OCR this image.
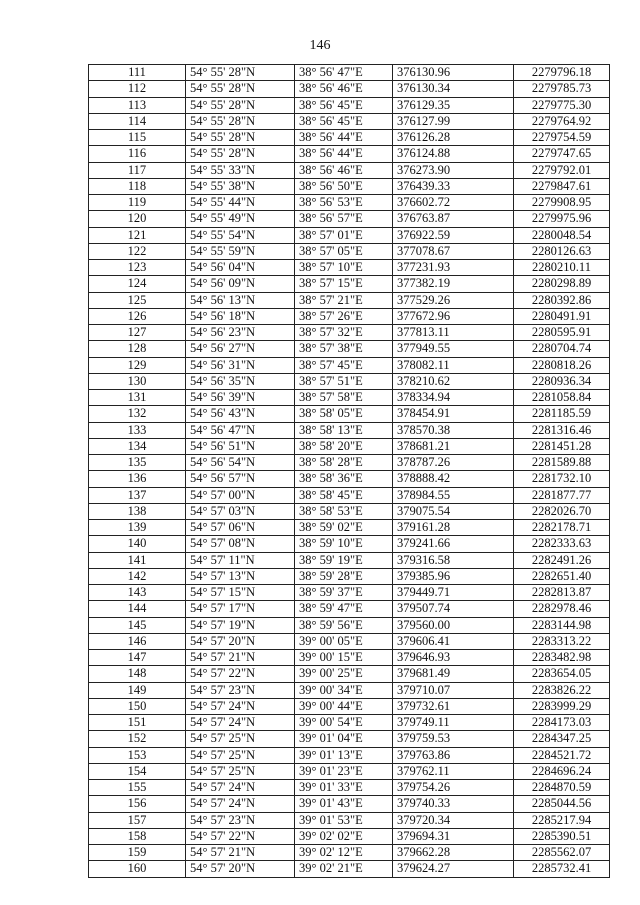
146
111	54° 55' 28"N	38° 56' 47"E	376130.96	2279796.18
112	54° 55' 28"N	38° 56' 46"E	376130.34	2279785.73
113	54° 55' 28"N	38° 56' 45"E	376129.35	2279775.30
114	54° 55' 28"N	38° 56' 45"E	376127.99	2279764.92
115	54° 55' 28"N	38° 56' 44"E	376126.28	2279754.59
116	54° 55' 28"N	38° 56' 44"E	376124.88	2279747.65
117	54° 55' 33"N	38° 56' 46"E	376273.90	2279792.01
118	54° 55' 38"N	38° 56' 50"E	376439.33	2279847.61
119	54° 55' 44"N	38° 56' 53"E	376602.72	2279908.95
120	54° 55' 49"N	38° 56' 57"E	376763.87	2279975.96
121	54° 55' 54"N	38° 57' 01"E	376922.59	2280048.54
122	54° 55' 59"N	38° 57' 05"E	377078.67	2280126.63
123	54° 56' 04"N	38° 57' 10"E	377231.93	2280210.11
124	54° 56' 09"N	38° 57' 15"E	377382.19	2280298.89
125	54° 56' 13"N	38° 57' 21"E	377529.26	2280392.86
126	54° 56' 18"N	38° 57' 26"E	377672.96	2280491.91
127	54° 56' 23"N	38° 57' 32"E	377813.11	2280595.91
128	54° 56' 27"N	38° 57' 38"E	377949.55	2280704.74
129	54° 56' 31"N	38° 57' 45"E	378082.11	2280818.26
130	54° 56' 35"N	38° 57' 51"E	378210.62	2280936.34
131	54° 56' 39"N	38° 57' 58"E	378334.94	2281058.84
132	54° 56' 43"N	38° 58' 05"E	378454.91	2281185.59
133	54° 56' 47"N	38° 58' 13"E	378570.38	2281316.46
134	54° 56' 51"N	38° 58' 20"E	378681.21	2281451.28
135	54° 56' 54"N	38° 58' 28"E	378787.26	2281589.88
136	54° 56' 57"N	38° 58' 36"E	378888.42	2281732.10
137	54° 57' 00"N	38° 58' 45"E	378984.55	2281877.77
138	54° 57' 03"N	38° 58' 53"E	379075.54	2282026.70
139	54° 57' 06"N	38° 59' 02"E	379161.28	2282178.71
140	54° 57' 08"N	38° 59' 10"E	379241.66	2282333.63
141	54° 57' 11"N	38° 59' 19"E	379316.58	2282491.26
142	54° 57' 13"N	38° 59' 28"E	379385.96	2282651.40
143	54° 57' 15"N	38° 59' 37"E	379449.71	2282813.87
144	54° 57' 17"N	38° 59' 47"E	379507.74	2282978.46
145	54° 57' 19"N	38° 59' 56"E	379560.00	2283144.98
146	54° 57' 20"N	39° 00' 05"E	379606.41	2283313.22
147	54° 57' 21"N	39° 00' 15"E	379646.93	2283482.98
148	54° 57' 22"N	39° 00' 25"E	379681.49	2283654.05
149	54° 57' 23"N	39° 00' 34"E	379710.07	2283826.22
150	54° 57' 24"N	39° 00' 44"E	379732.61	2283999.29
151	54° 57' 24"N	39° 00' 54"E	379749.11	2284173.03
152	54° 57' 25"N	39° 01' 04"E	379759.53	2284347.25
153	54° 57' 25"N	39° 01' 13"E	379763.86	2284521.72
154	54° 57' 25"N	39° 01' 23"E	379762.11	2284696.24
155	54° 57' 24"N	39° 01' 33"E	379754.26	2284870.59
156	54° 57' 24"N	39° 01' 43"E	379740.33	2285044.56
157	54° 57' 23"N	39° 01' 53"E	379720.34	2285217.94
158	54° 57' 22"N	39° 02' 02"E	379694.31	2285390.51
159	54° 57' 21"N	39° 02' 12"E	379662.28	2285562.07
160	54° 57' 20"N	39° 02' 21"E	379624.27	2285732.41
